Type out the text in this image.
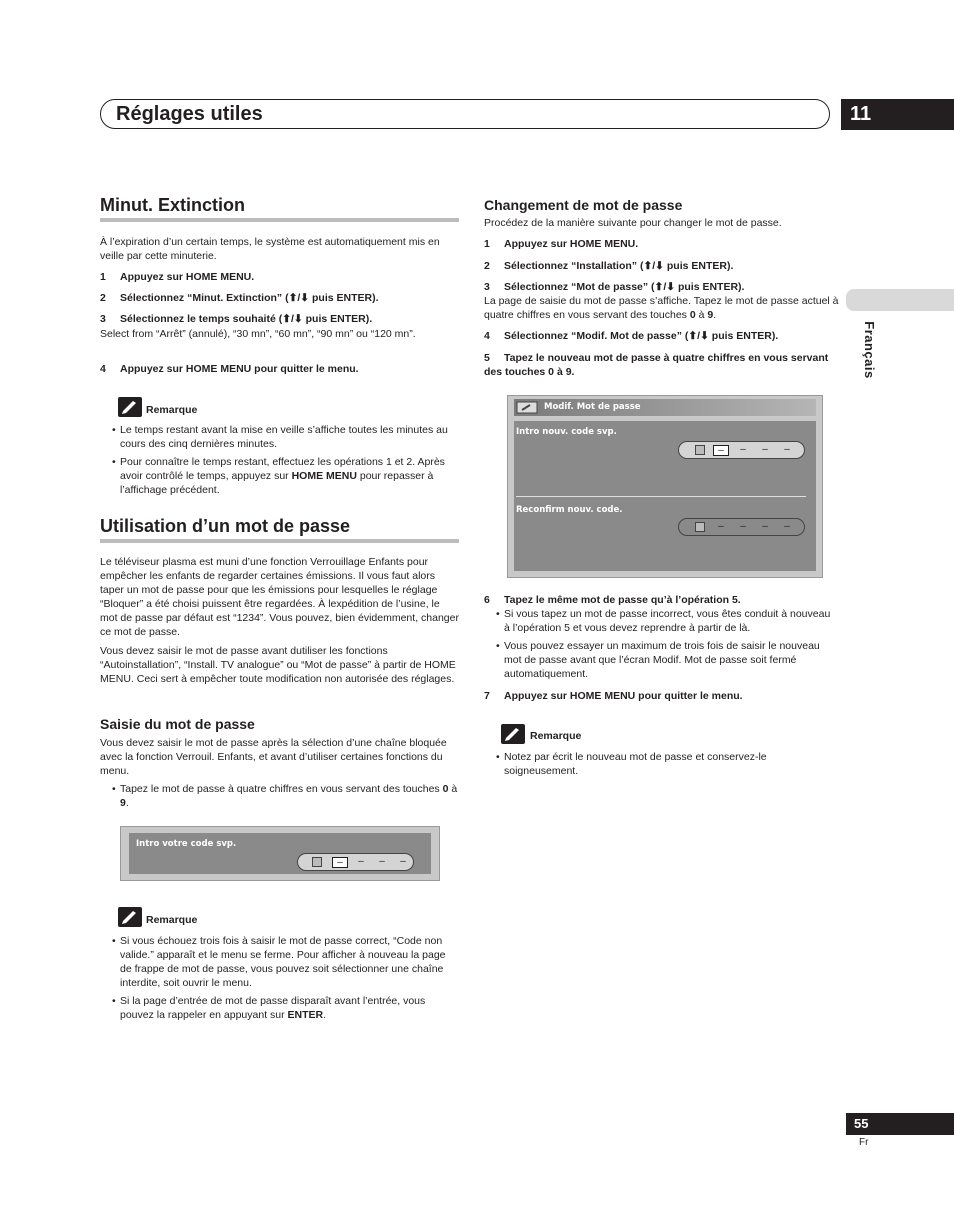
Réglages utiles	11
Français
Minut. Extinction
À l’expiration d’un certain temps, le système est automatiquement mis en veille par cette minuterie.
1 Appuyez sur HOME MENU.
2 Sélectionnez “Minut. Extinction” (⬆/⬇ puis ENTER).
3 Sélectionnez le temps souhaité (⬆/⬇ puis ENTER).
Select from “Arrêt” (annulé), “30 mn”, “60 mn”, “90 mn” ou “120 mn”.
4 Appuyez sur HOME MENU pour quitter le menu.
Remarque
• Le temps restant avant la mise en veille s’affiche toutes les minutes au cours des cinq dernières minutes.
• Pour connaître le temps restant, effectuez les opérations 1 et 2. Après avoir contrôlé le temps, appuyez sur HOME MENU pour repasser à l’affichage précédent.
Utilisation d’un mot de passe
Le téléviseur plasma est muni d’une fonction Verrouillage Enfants pour empêcher les enfants de regarder certaines émissions. Il vous faut alors taper un mot de passe pour que les émissions pour lesquelles le réglage “Bloquer” a été choisi puissent être regardées. À lexpédition de l’usine, le mot de passe par défaut est “1234”. Vous pouvez, bien évidemment, changer ce mot de passe.
Vous devez saisir le mot de passe avant dutiliser les fonctions “Autoinstallation”, “Install. TV analogue” ou “Mot de passe” à partir de HOME MENU. Ceci sert à empêcher toute modification non autorisée des réglages.
Saisie du mot de passe
Vous devez saisir le mot de passe après la sélection d’une chaîne bloquée avec la fonction Verrouil. Enfants, et avant d’utiliser certaines fonctions du menu.
• Tapez le mot de passe à quatre chiffres en vous servant des touches 0 à 9.
Intro votre code svp.
–	–	–	–
Remarque
• Si vous échouez trois fois à saisir le mot de passe correct, “Code non valide.” apparaît et le menu se ferme. Pour afficher à nouveau la page de frappe de mot de passe, vous pouvez soit sélectionner une chaîne interdite, soit ouvrir le menu.
• Si la page d’entrée de mot de passe disparaît avant l’entrée, vous pouvez la rappeler en appuyant sur ENTER.
Changement de mot de passe
Procédez de la manière suivante pour changer le mot de passe.
1 Appuyez sur HOME MENU.
2 Sélectionnez “Installation” (⬆/⬇ puis ENTER).
3 Sélectionnez “Mot de passe” (⬆/⬇ puis ENTER).
La page de saisie du mot de passe s’affiche. Tapez le mot de passe actuel à quatre chiffres en vous servant des touches 0 à 9.
4 Sélectionnez “Modif. Mot de passe” (⬆/⬇ puis ENTER).
5 Tapez le nouveau mot de passe à quatre chiffres en vous servant des touches 0 à 9.
Modif. Mot de passe
Intro nouv. code svp.
–	–	–	–
Reconfirm nouv. code.
–	–	–	–
6 Tapez le même mot de passe qu’à l’opération 5.
• Si vous tapez un mot de passe incorrect, vous êtes conduit à nouveau à l’opération 5 et vous devez reprendre à partir de là.
• Vous pouvez essayer un maximum de trois fois de saisir le nouveau mot de passe avant que l’écran Modif. Mot de passe soit fermé automatiquement.
7 Appuyez sur HOME MENU pour quitter le menu.
Remarque
• Notez par écrit le nouveau mot de passe et conservez-le soigneusement.
55
Fr
